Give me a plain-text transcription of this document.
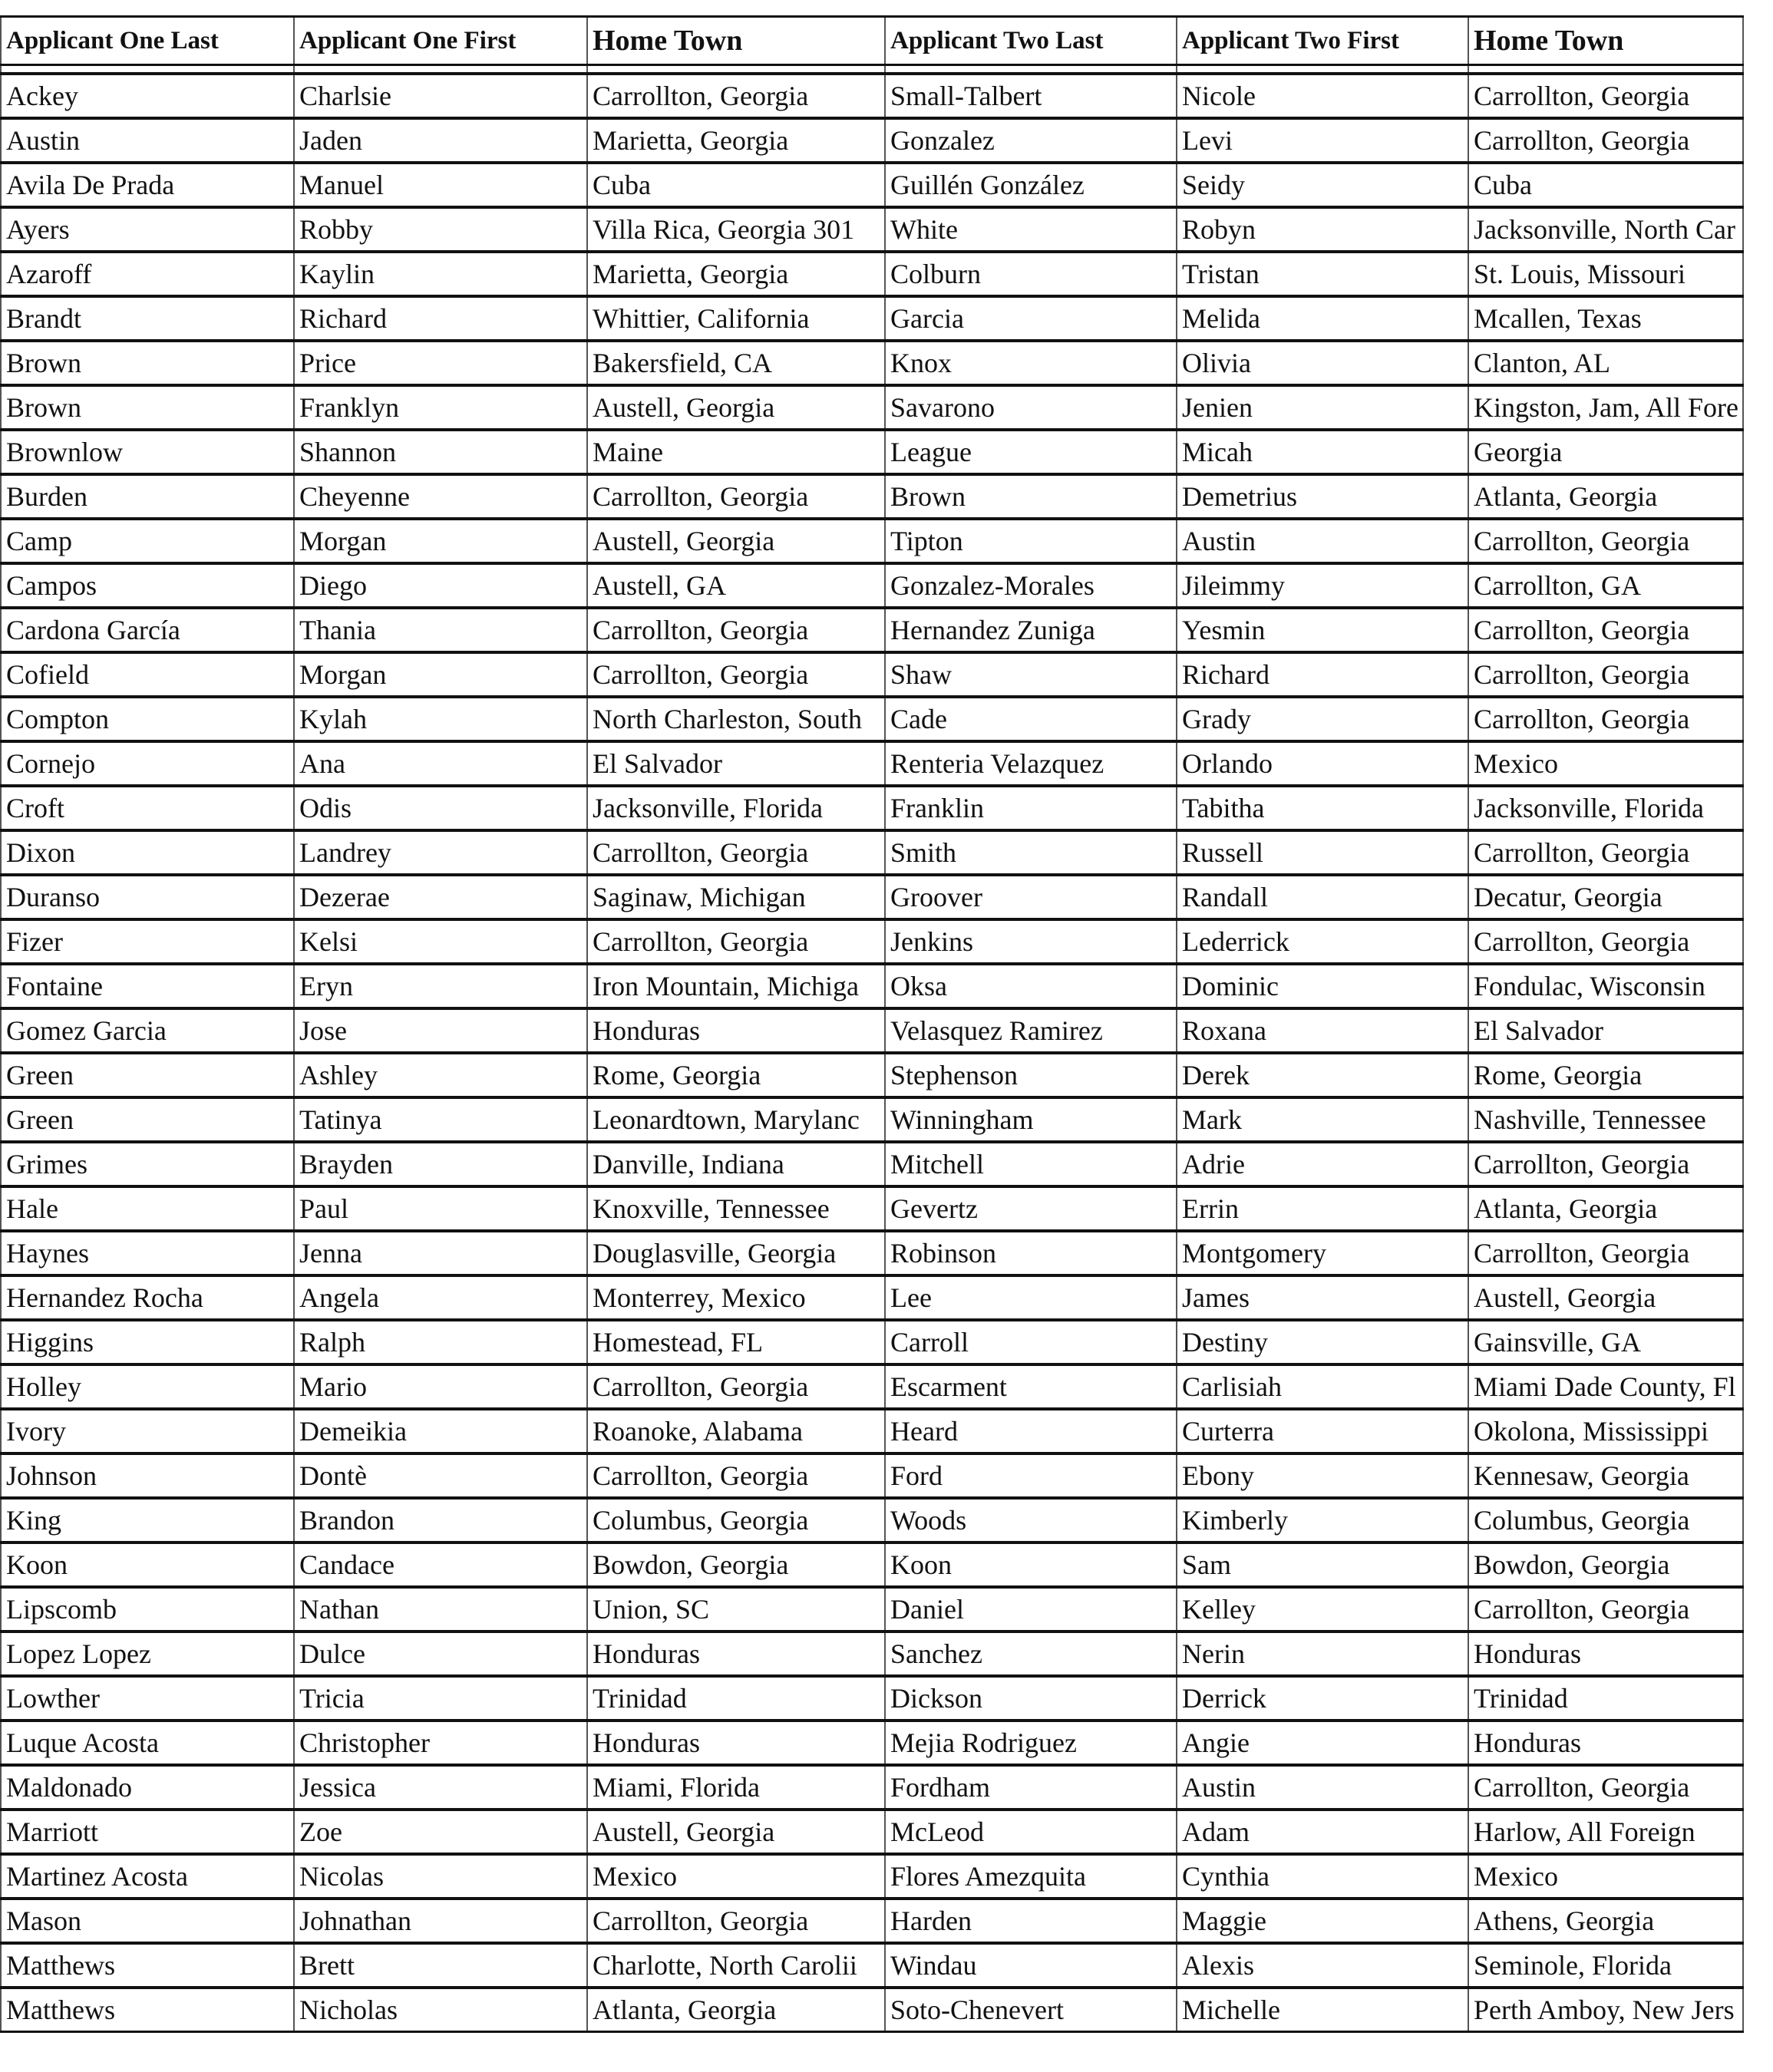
Applicant One Last	Applicant One First	Home Town	Applicant Two Last	Applicant Two First	Home Town

Ackey	Charlsie	Carrollton, Georgia	Small-Talbert	Nicole	Carrollton, Georgia
Austin	Jaden	Marietta, Georgia	Gonzalez	Levi	Carrollton, Georgia
Avila De Prada	Manuel	Cuba	Guillén González	Seidy	Cuba
Ayers	Robby	Villa Rica, Georgia 301	White	Robyn	Jacksonville, North Car
Azaroff	Kaylin	Marietta, Georgia	Colburn	Tristan	St. Louis, Missouri
Brandt	Richard	Whittier, California	Garcia	Melida	Mcallen, Texas
Brown	Price	Bakersfield, CA	Knox	Olivia	Clanton, AL
Brown	Franklyn	Austell, Georgia	Savarono	Jenien	Kingston, Jam, All Fore
Brownlow	Shannon	Maine	League	Micah	Georgia
Burden	Cheyenne	Carrollton, Georgia	Brown	Demetrius	Atlanta, Georgia
Camp	Morgan	Austell, Georgia	Tipton	Austin	Carrollton, Georgia
Campos	Diego	Austell, GA	Gonzalez-Morales	Jileimmy	Carrollton, GA
Cardona García	Thania	Carrollton, Georgia	Hernandez Zuniga	Yesmin	Carrollton, Georgia
Cofield	Morgan	Carrollton, Georgia	Shaw	Richard	Carrollton, Georgia
Compton	Kylah	North Charleston, South	Cade	Grady	Carrollton, Georgia
Cornejo	Ana	El Salvador	Renteria Velazquez	Orlando	Mexico
Croft	Odis	Jacksonville, Florida	Franklin	Tabitha	Jacksonville, Florida
Dixon	Landrey	Carrollton, Georgia	Smith	Russell	Carrollton, Georgia
Duranso	Dezerae	Saginaw, Michigan	Groover	Randall	Decatur, Georgia
Fizer	Kelsi	Carrollton, Georgia	Jenkins	Lederrick	Carrollton, Georgia
Fontaine	Eryn	Iron Mountain, Michiga	Oksa	Dominic	Fondulac, Wisconsin
Gomez Garcia	Jose	Honduras	Velasquez Ramirez	Roxana	El Salvador
Green	Ashley	Rome, Georgia	Stephenson	Derek	Rome, Georgia
Green	Tatinya	Leonardtown, Marylanc	Winningham	Mark	Nashville, Tennessee
Grimes	Brayden	Danville, Indiana	Mitchell	Adrie	Carrollton, Georgia
Hale	Paul	Knoxville, Tennessee	Gevertz	Errin	Atlanta, Georgia
Haynes	Jenna	Douglasville, Georgia	Robinson	Montgomery	Carrollton, Georgia
Hernandez Rocha	Angela	Monterrey, Mexico	Lee	James	Austell, Georgia
Higgins	Ralph	Homestead, FL	Carroll	Destiny	Gainsville, GA
Holley	Mario	Carrollton, Georgia	Escarment	Carlisiah	Miami Dade County, Fl
Ivory	Demeikia	Roanoke, Alabama	Heard	Curterra	Okolona, Mississippi
Johnson	Dontè	Carrollton, Georgia	Ford	Ebony	Kennesaw, Georgia
King	Brandon	Columbus, Georgia	Woods	Kimberly	Columbus, Georgia
Koon	Candace	Bowdon, Georgia	Koon	Sam	Bowdon, Georgia
Lipscomb	Nathan	Union, SC	Daniel	Kelley	Carrollton, Georgia
Lopez Lopez	Dulce	Honduras	Sanchez	Nerin	Honduras
Lowther	Tricia	Trinidad	Dickson	Derrick	Trinidad
Luque Acosta	Christopher	Honduras	Mejia Rodriguez	Angie	Honduras
Maldonado	Jessica	Miami, Florida	Fordham	Austin	Carrollton, Georgia
Marriott	Zoe	Austell, Georgia	McLeod	Adam	Harlow, All Foreign
Martinez Acosta	Nicolas	Mexico	Flores Amezquita	Cynthia	Mexico
Mason	Johnathan	Carrollton, Georgia	Harden	Maggie	Athens, Georgia
Matthews	Brett	Charlotte, North Carolii	Windau	Alexis	Seminole, Florida
Matthews	Nicholas	Atlanta, Georgia	Soto-Chenevert	Michelle	Perth Amboy, New Jers
